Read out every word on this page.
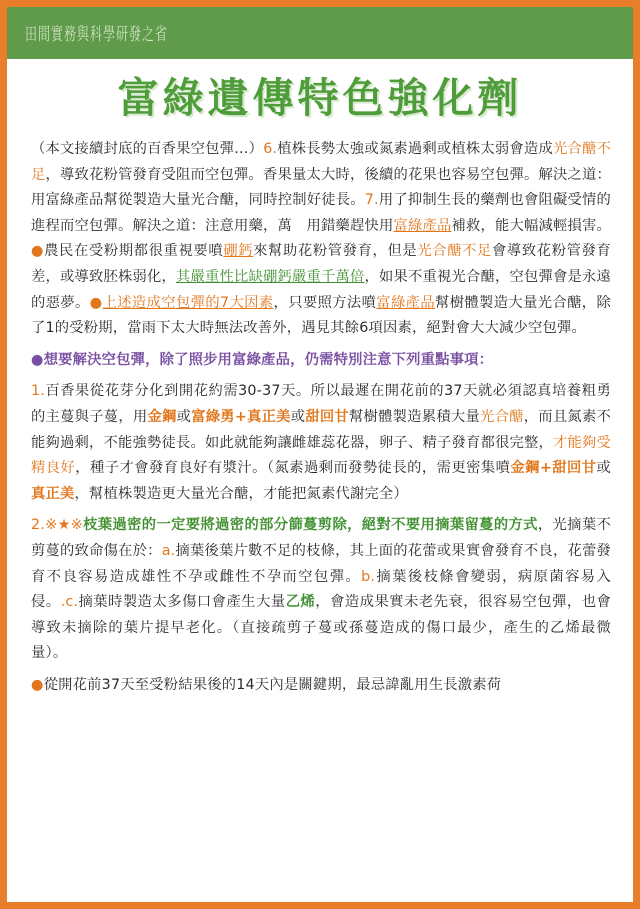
田間實務與科學研發之省
富綠遺傳特色強化劑
（本文接續封底的百香果空包彈…）6.植株長勢太強或氮素過剩或植株太弱會造成光合醣不足，導致花粉管發育受阻而空包彈。香果量太大時，後續的花果也容易空包彈。解決之道：用富綠產品幫從製造大量光合醣，同時控制好徒長。7.用了抑制生長的藥劑也會阻礙受情的進程而空包彈。解決之道：注意用藥，萬　用錯藥趕快用富綠產品補救，能大幅減輕損害。●農民在受粉期都很重視要噴硼鈣來幫助花粉管發育，但是光合醣不足會導致花粉管發育差，或導致胚株弱化，其嚴重性比缺硼鈣嚴重千萬倍，如果不重視光合醣，空包彈會是永遠的惡夢。●上述造成空包彈的7大因素，只要照方法噴富綠產品幫樹體製造大量光合醣，除了1的受粉期，當雨下太大時無法改善外，遇見其餘6項因素，絕對會大大減少空包彈。
●想要解決空包彈，除了照步用富綠產品，仍需特別注意下列重點事項：
1.百香果從花芽分化到開花約需30-37天。所以最遲在開花前的37天就必須認真培養粗勇的主蔓與子蔓，用金鋼或富綠勇+真正美或甜回甘幫樹體製造累積大量光合醣，而且氮素不能夠過剩，不能強勢徒長。如此就能夠讓雌雄蕊花器，卵子、精子發育都很完整，才能夠受精良好，種子才會發育良好有漿汁。（氮素過剩而發勢徒長的，需更密集噴金鋼+甜回甘或真正美，幫植株製造更大量光合醣，才能把氮素代謝完全）
2.※★※枝葉過密的一定要將過密的部分篩蔓剪除，絕對不要用摘葉留蔓的方式，光摘葉不剪蔓的致命傷在於：a.摘葉後葉片數不足的枝條，其上面的花蕾或果實會發育不良，花蕾發育不良容易造成雄性不孕或雌性不孕而空包彈。b.摘葉後枝條會變弱，病原菌容易入侵。.c.摘葉時製造太多傷口會產生大量乙烯，會造成果實未老先衰，很容易空包彈，也會導致未摘除的葉片提早老化。（直接疏剪子蔓或孫蔓造成的傷口最少，產生的乙烯最微量）。
●從開花前37天至受粉結果後的14天內是關鍵期，最忌諱亂用生長激素荷
